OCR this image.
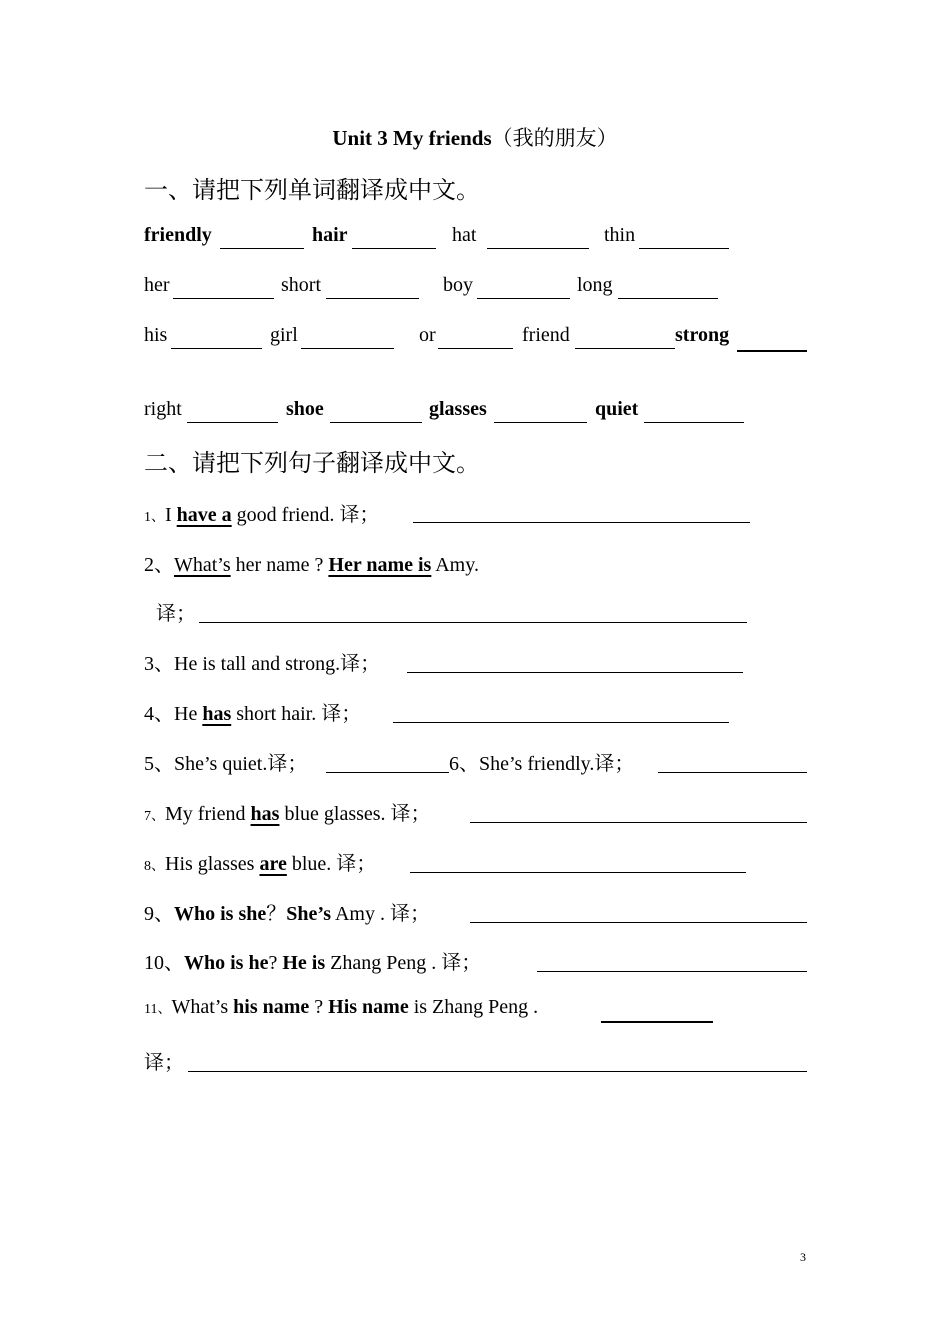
Unit 3 My friends（我的朋友）
一、请把下列单词翻译成中文。
friendly	hair	hat	thin
her	short	boy	long
his	girl	or	friend	strong
right	shoe	glasses	quiet
二、请把下列句子翻译成中文。
1、I have a good friend. 译；
2、What’s her name ? Her name is Amy.
译；
3、He is tall and strong.译；
4、He has short hair. 译；
5、She’s quiet.译；	6、She’s friendly.译；
7、My friend has blue glasses. 译；
8、His glasses are blue. 译；
9、Who is she？She’s Amy . 译；
10、Who is he? He is Zhang Peng . 译；
11、What’s his name ? His name is Zhang Peng .
译；
3
